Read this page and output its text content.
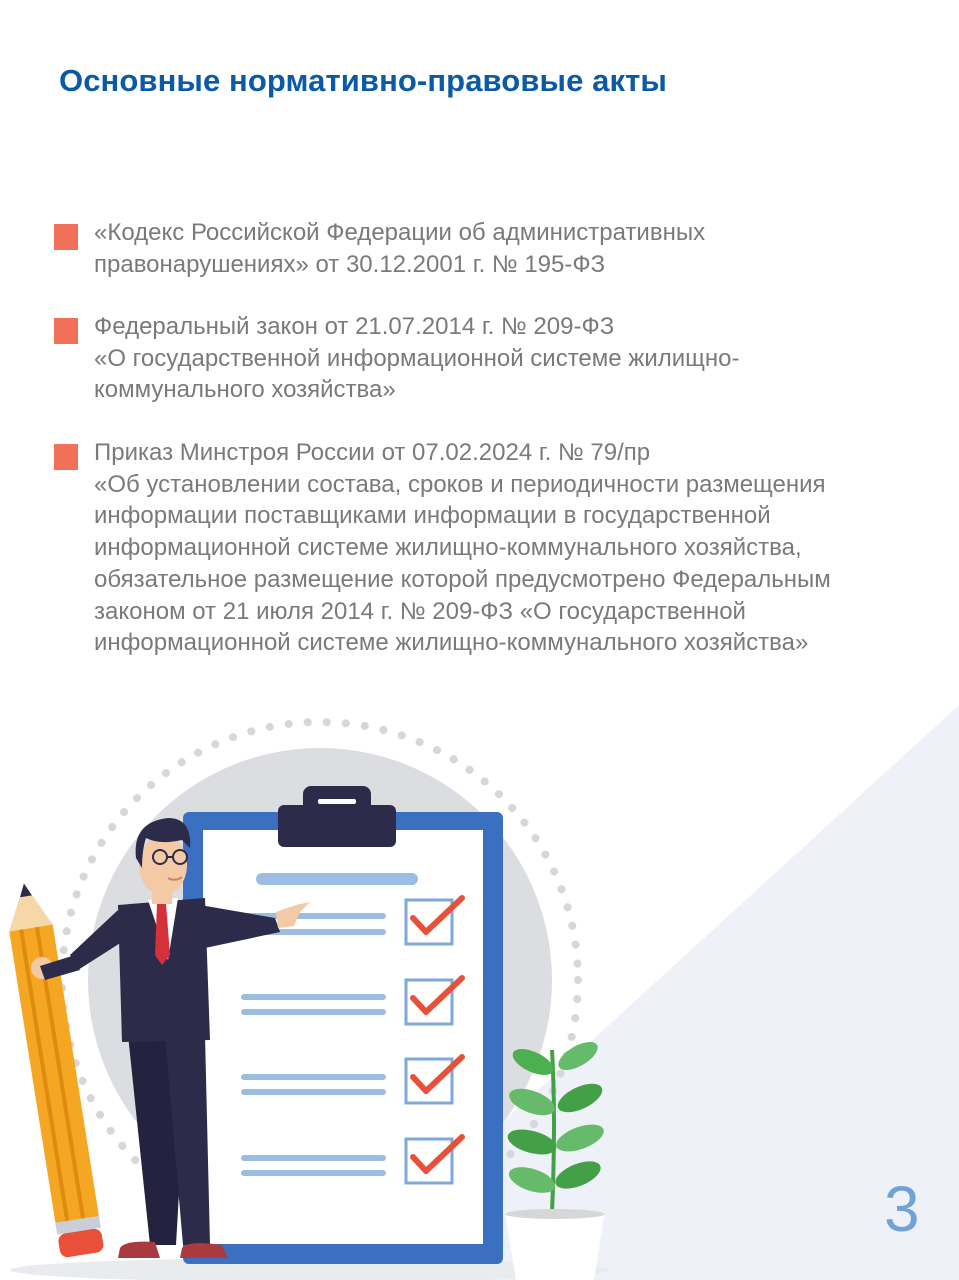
Основные нормативно-правовые акты
«Кодекс Российской Федерации об административных
правонарушениях» от 30.12.2001 г. № 195-ФЗ
Федеральный закон от 21.07.2014 г. № 209-ФЗ
«О государственной информационной системе жилищно-
коммунального хозяйства»
Приказ Минстроя России от 07.02.2024 г. № 79/пр
«Об установлении состава, сроков и периодичности размещения
информации поставщиками информации в государственной
информационной системе жилищно-коммунального хозяйства,
обязательное размещение которой предусмотрено Федеральным
законом от 21 июля 2014 г. № 209-ФЗ «О государственной
информационной системе жилищно-коммунального хозяйства»
3
